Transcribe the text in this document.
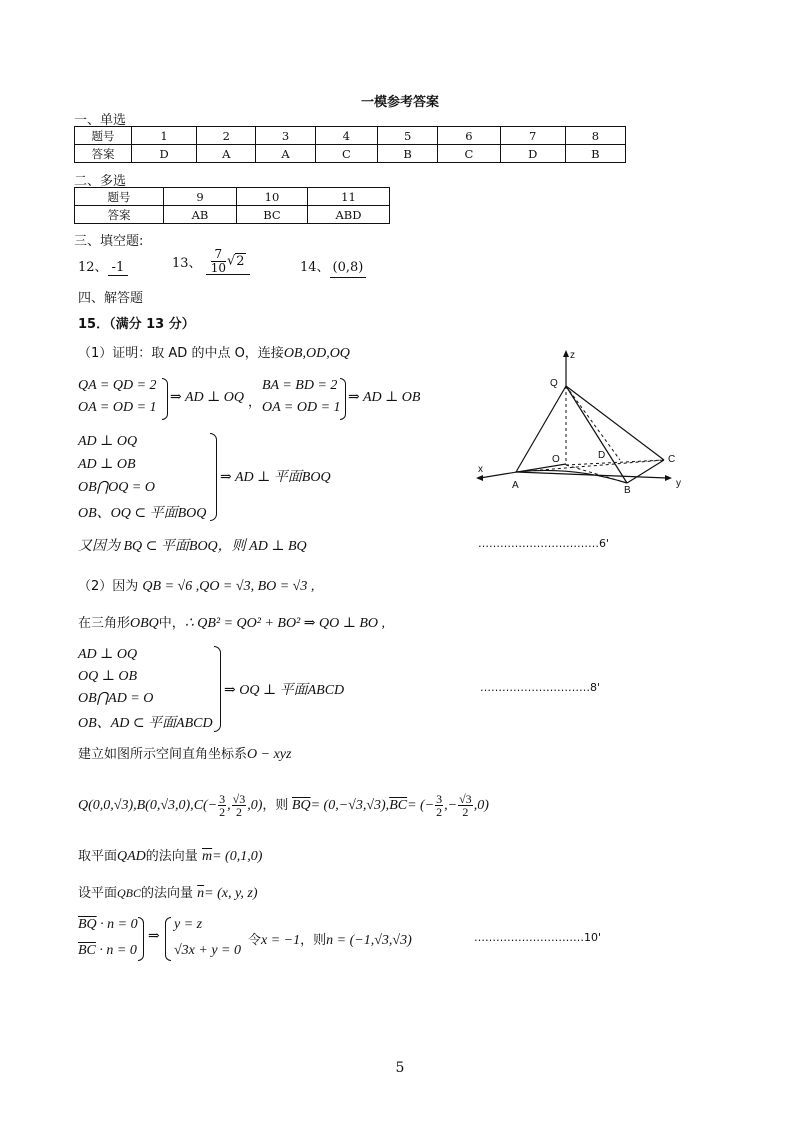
一模参考答案
一、单选
题号	1	2	3	4	5	6	7	8
答案	D	A	A	C	B	C	D	B
二、多选
题号	9	10	11
答案	AB	BC	ABD
三、填空题:
12、 -1	13、 $\frac{7}{10} √2$	14、 (0,8)
四、解答题
15．（满分 13 分）
（1）证明：取 AD 的中点 O，连接OB,OD,OQ
QA = QD = 2
OA = OD = 1
⇒ AD ⊥ OQ ，
BA = BD = 2
OA = OD = 1
⇒ AD ⊥ OB
AD ⊥ OQ
AD ⊥ OB
OB⋂OQ = O
OB、OQ ⊂ 平面BOQ
⇒ AD ⊥ 平面BOQ
又因为 BQ ⊂ 平面BOQ，则 AD ⊥ BQ	……………………………6'
（2）因为 QB = √6 ,QO = √3, BO = √3 ,
在三角形OBQ中，∴ QB² = QO² + BO² ⇒ QO ⊥ BO ,
AD ⊥ OQ
OQ ⊥ OB
OB⋂AD = O
OB、AD ⊂ 平面ABCD
⇒ OQ ⊥ 平面ABCD	…………………………8'
建立如图所示空间直角坐标系O − xyz
$Q(0,0,√3),B(0,√3,0),C(- \frac{3}{2}$ , $\frac{√3}{2} ,0$)，则 $\overline{BQ}= (0,-√3,√3),\overline{BC}=$ (− $\frac{3}{2}$ ,− $\frac{√3}{2} ,0$)
取平面QAD的法向量 $\overline{m}= (0,1,0)$
设平面QBC的法向量 $\overline{n}= (x$, y, z)
$\overline{BQ} \cdot n = 0$
$\overline{BC} \cdot n = 0$
⇒
y = z
√3x + y = 0
令x = −1，则n = (−1,√3,√3)	…………………………10'
z
Q
O	D	C
x
A	B
y
5
